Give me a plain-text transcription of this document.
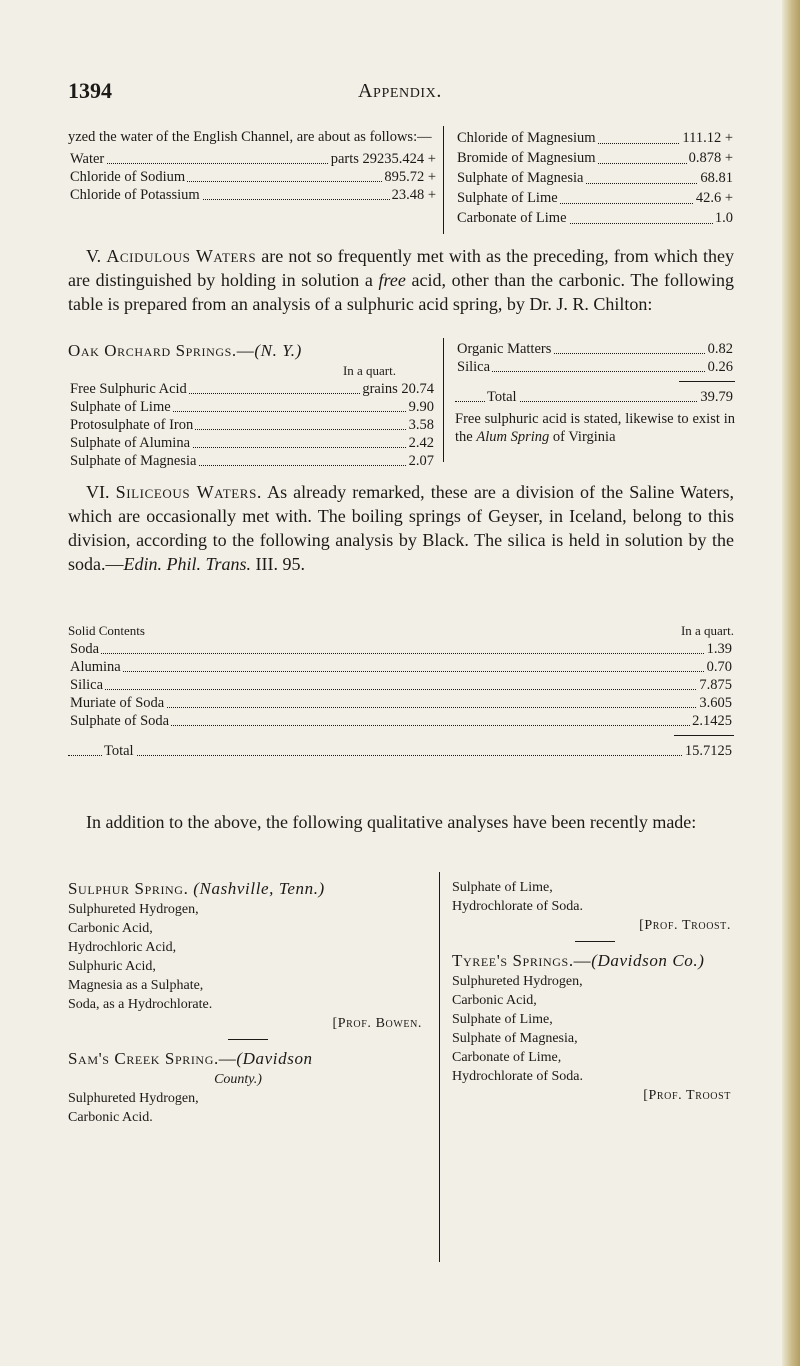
1394	Appendix.
yzed the water of the English Channel, are about as follows:—
Water	parts 29235.424 +
Chloride of Sodium	895.72 +
Chloride of Potassium	23.48 +
Chloride of Magnesium	111.12 +
Bromide of Magnesium	0.878 +
Sulphate of Magnesia	68.81
Sulphate of Lime	42.6 +
Carbonate of Lime	1.0
V. Acidulous Waters are not so frequently met with as the preceding, from which they are distinguished by holding in solution a free acid, other than the carbonic. The following table is prepared from an analysis of a sulphuric acid spring, by Dr. J. R. Chilton:
Oak Orchard Springs.—(N. Y.)
In a quart.
Free Sulphuric Acid	grains 20.74
Sulphate of Lime	9.90
Protosulphate of Iron	3.58
Sulphate of Alumina	2.42
Sulphate of Magnesia	2.07
Organic Matters	0.82
Silica	0.26
Total	39.79
Free sulphuric acid is stated, likewise to exist in the Alum Spring of Virginia
VI. Siliceous Waters. As already remarked, these are a division of the Saline Waters, which are occasionally met with. The boiling springs of Geyser, in Iceland, belong to this division, according to the following analysis by Black. The silica is held in solution by the soda.—Edin. Phil. Trans. III. 95.
Solid Contents	In a quart.
Soda	1.39
Alumina	0.70
Silica	7.875
Muriate of Soda	3.605
Sulphate of Soda	2.1425
Total	15.7125
In addition to the above, the following qualitative analyses have been recently made:
Sulphur Spring. (Nashville, Tenn.)
Sulphureted Hydrogen,
Carbonic Acid,
Hydrochloric Acid,
Sulphuric Acid,
Magnesia as a Sulphate,
Soda, as a Hydrochlorate.
[Prof. Bowen.
Sam's Creek Spring.—(Davidson
County.)
Sulphureted Hydrogen,
Carbonic Acid.
Sulphate of Lime,
Hydrochlorate of Soda.
[Prof. Troost.
Tyree's Springs.—(Davidson Co.)
Sulphureted Hydrogen,
Carbonic Acid,
Sulphate of Lime,
Sulphate of Magnesia,
Carbonate of Lime,
Hydrochlorate of Soda.
[Prof. Troost
